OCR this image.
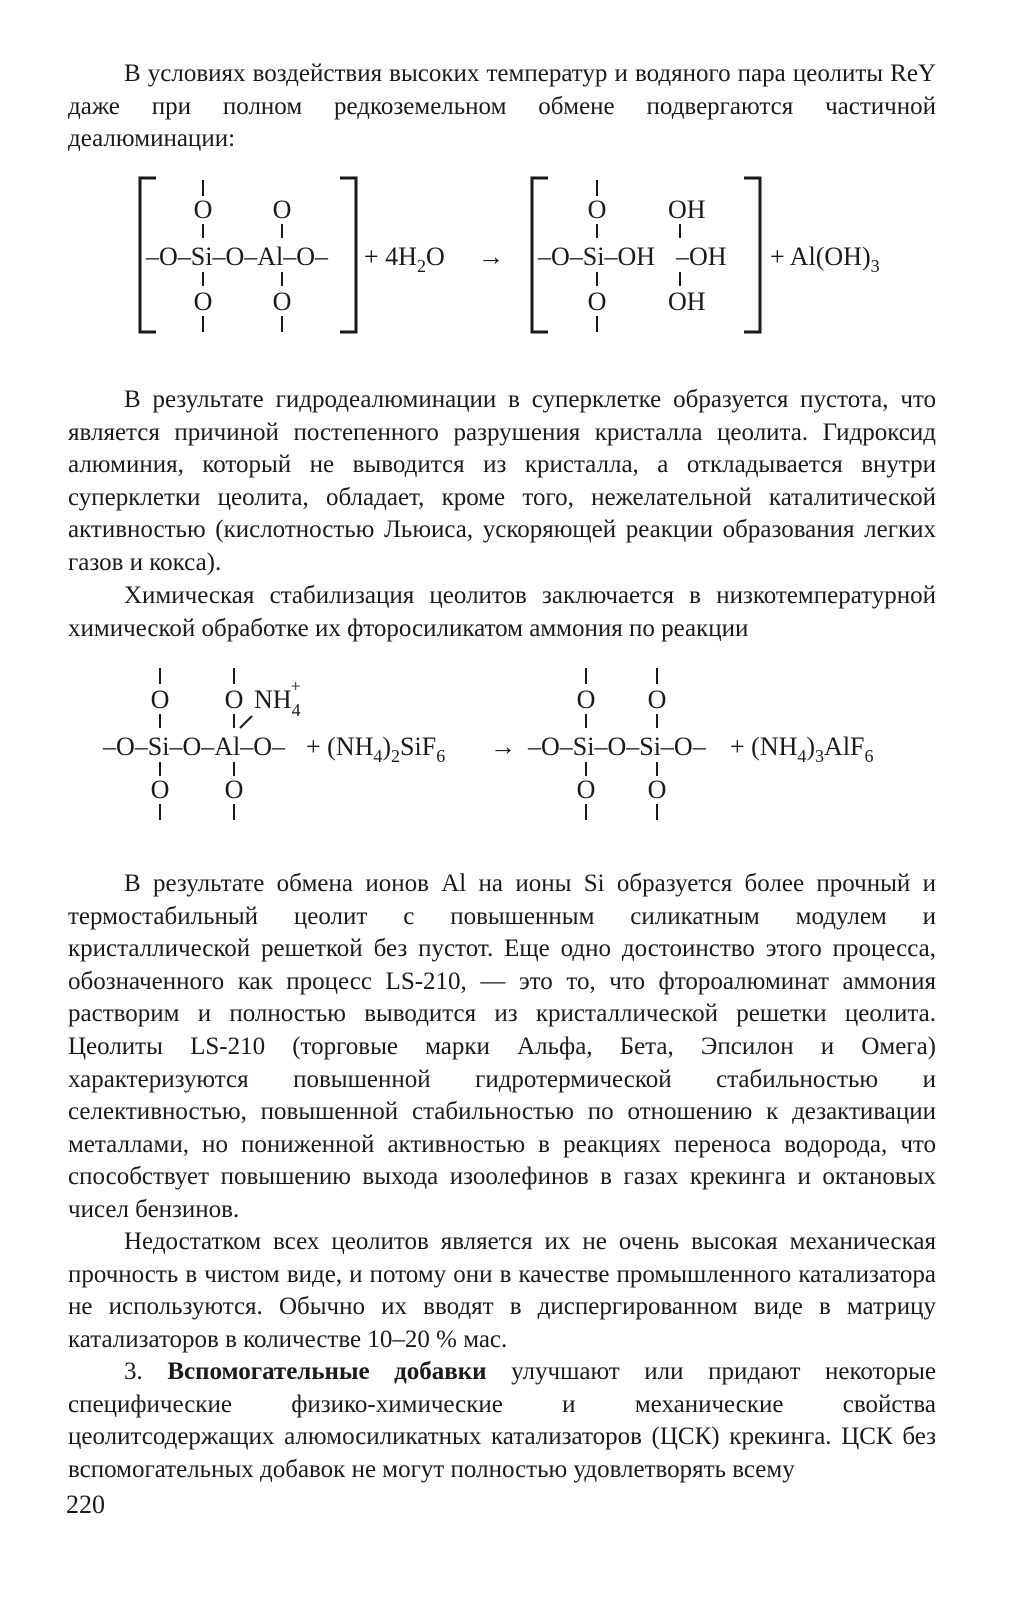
В условиях воздействия высоких температур и водяного пара цеолиты ReY даже при полном редкоземельном обмене подвергаются частичной деалюминации:

O O
–O–Si–O–Al–O–
O O
+ $4H_2O$ →
O OH
–O–Si–OH –OH
O OH
+ $Al(OH)_3$

В результате гидродеалюминации в суперклетке образуется пустота, что является причиной постепенного разрушения кристалла цеолита. Гидроксид алюминия, который не выводится из кристалла, а откладывается внутри суперклетки цеолита, обладает, кроме того, нежелательной каталитической активностью (кислотностью Льюиса, ускоряющей реакции образования легких газов и кокса).

Химическая стабилизация цеолитов заключается в низкотемпературной химической обработке их фторосиликатом аммония по реакции

O O $NH_4+$
–O–Si–O–Al–O–
O O
+ $(NH_4)_2SiF_6$ →
O O
–O–Si–O–Si–O–
O O
+ $(NH_4)_3AlF_6$

В результате обмена ионов Al на ионы Si образуется более прочный и термостабильный цеолит с повышенным силикатным модулем и кристаллической решеткой без пустот. Еще одно достоинство этого процесса, обозначенного как процесс LS-210, — это то, что фтороалюминат аммония растворим и полностью выводится из кристаллической решетки цеолита. Цеолиты LS-210 (торговые марки Альфа, Бета, Эпсилон и Омега) характеризуются повышенной гидротермической стабильностью и селективностью, повышенной стабильностью по отношению к дезактивации металлами, но пониженной активностью в реакциях переноса водорода, что способствует повышению выхода изоолефинов в газах крекинга и октановых чисел бензинов.

Недостатком всех цеолитов является их не очень высокая механическая прочность в чистом виде, и потому они в качестве промышленного катализатора не используются. Обычно их вводят в диспергированном виде в матрицу катализаторов в количестве 10–20 % мас.

3. Вспомогательные добавки улучшают или придают некоторые специфические физико-химические и механические свойства цеолитсодержащих алюмосиликатных катализаторов (ЦСК) крекинга. ЦСК без вспомогательных добавок не могут полностью удовлетворять всему

220
